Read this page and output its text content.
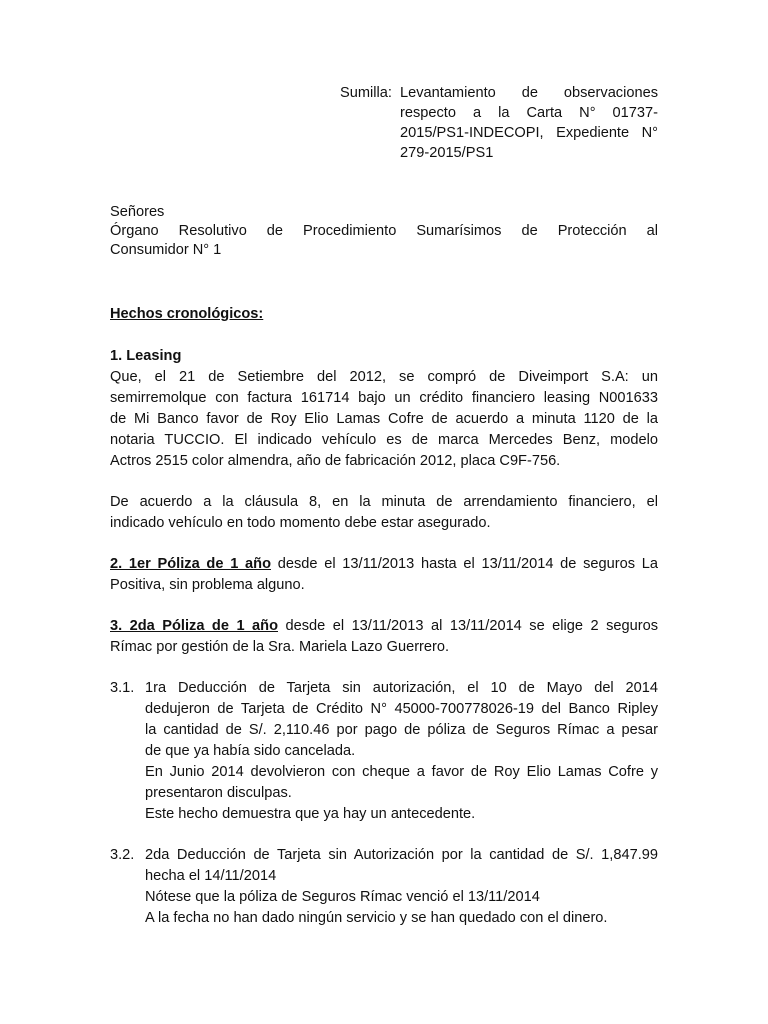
Sumilla: Levantamiento de observaciones
respecto a la Carta N° 01737-
2015/PS1-INDECOPI, Expediente N°
279-2015/PS1
Señores
Órgano Resolutivo de Procedimiento Sumarísimos de Protección al
Consumidor N° 1
Hechos cronológicos:
1. Leasing
Que, el 21 de Setiembre del 2012, se compró de Diveimport S.A: un
semirremolque con factura 161714 bajo un crédito financiero leasing N001633
de Mi Banco favor de Roy Elio Lamas Cofre de acuerdo a minuta 1120 de la
notaria TUCCIO. El indicado vehículo es de marca Mercedes Benz, modelo
Actros 2515 color almendra, año de fabricación 2012, placa C9F-756.
De acuerdo a la cláusula 8, en la minuta de arrendamiento financiero, el
indicado vehículo en todo momento debe estar asegurado.
2. 1er Póliza de 1 año desde el 13/11/2013 hasta el 13/11/2014 de seguros La
Positiva, sin problema alguno.
3. 2da Póliza de 1 año desde el 13/11/2013 al 13/11/2014 se elige 2 seguros
Rímac por gestión de la Sra. Mariela Lazo Guerrero.
3.1. 1ra Deducción de Tarjeta sin autorización, el 10 de Mayo del 2014
dedujeron de Tarjeta de Crédito N° 45000-700778026-19 del Banco Ripley
la cantidad de S/. 2,110.46 por pago de póliza de Seguros Rímac a pesar
de que ya había sido cancelada.
En Junio 2014 devolvieron con cheque a favor de Roy Elio Lamas Cofre y
presentaron disculpas.
Este hecho demuestra que ya hay un antecedente.
3.2. 2da Deducción de Tarjeta sin Autorización por la cantidad de S/. 1,847.99
hecha el 14/11/2014
Nótese que la póliza de Seguros Rímac venció el 13/11/2014
A la fecha no han dado ningún servicio y se han quedado con el dinero.
